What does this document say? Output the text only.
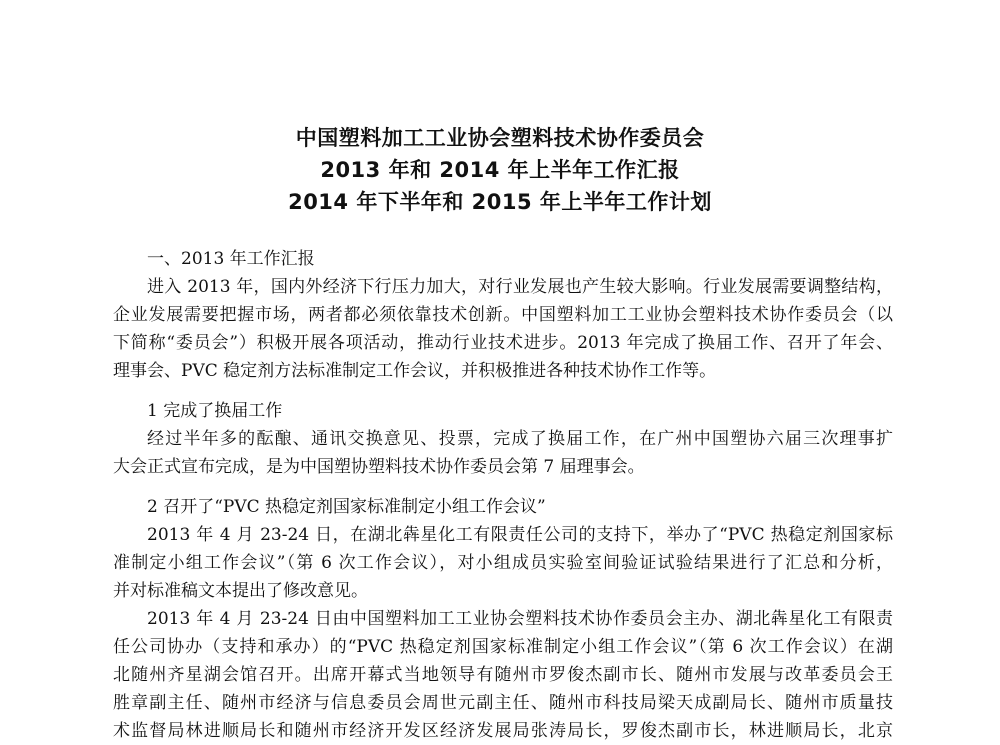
中国塑料加工工业协会塑料技术协作委员会

2013 年和 2014 年上半年工作汇报

2014 年下半年和 2015 年上半年工作计划

一、2013 年工作汇报

进入 2013 年，国内外经济下行压力加大，对行业发展也产生较大影响。行业发展需要调整结构，

企业发展需要把握市场，两者都必须依靠技术创新。中国塑料加工工业协会塑料技术协作委员会（以

下简称“委员会”）积极开展各项活动，推动行业技术进步。2013 年完成了换届工作、召开了年会、

理事会、PVC 稳定剂方法标准制定工作会议，并积极推进各种技术协作工作等。

1 完成了换届工作

经过半年多的酝酿、通讯交换意见、投票，完成了换届工作，在广州中国塑协六届三次理事扩

大会正式宣布完成，是为中国塑协塑料技术协作委员会第 7 届理事会。

2 召开了“PVC 热稳定剂国家标准制定小组工作会议”

2013 年 4 月 23-24 日，在湖北犇星化工有限责任公司的支持下，举办了“PVC 热稳定剂国家标

准制定小组工作会议”（第 6 次工作会议），对小组成员实验室间验证试验结果进行了汇总和分析，

并对标准稿文本提出了修改意见。

2013 年 4 月 23-24 日由中国塑料加工工业协会塑料技术协作委员会主办、湖北犇星化工有限责

任公司协办（支持和承办）的“PVC 热稳定剂国家标准制定小组工作会议”（第 6 次工作会议）在湖

北随州齐星湖会馆召开。出席开幕式当地领导有随州市罗俊杰副市长、随州市发展与改革委员会王

胜章副主任、随州市经济与信息委员会周世元副主任、随州市科技局梁天成副局长、随州市质量技

术监督局林进顺局长和随州市经济开发区经济发展局张涛局长，罗俊杰副市长，林进顺局长，北京
